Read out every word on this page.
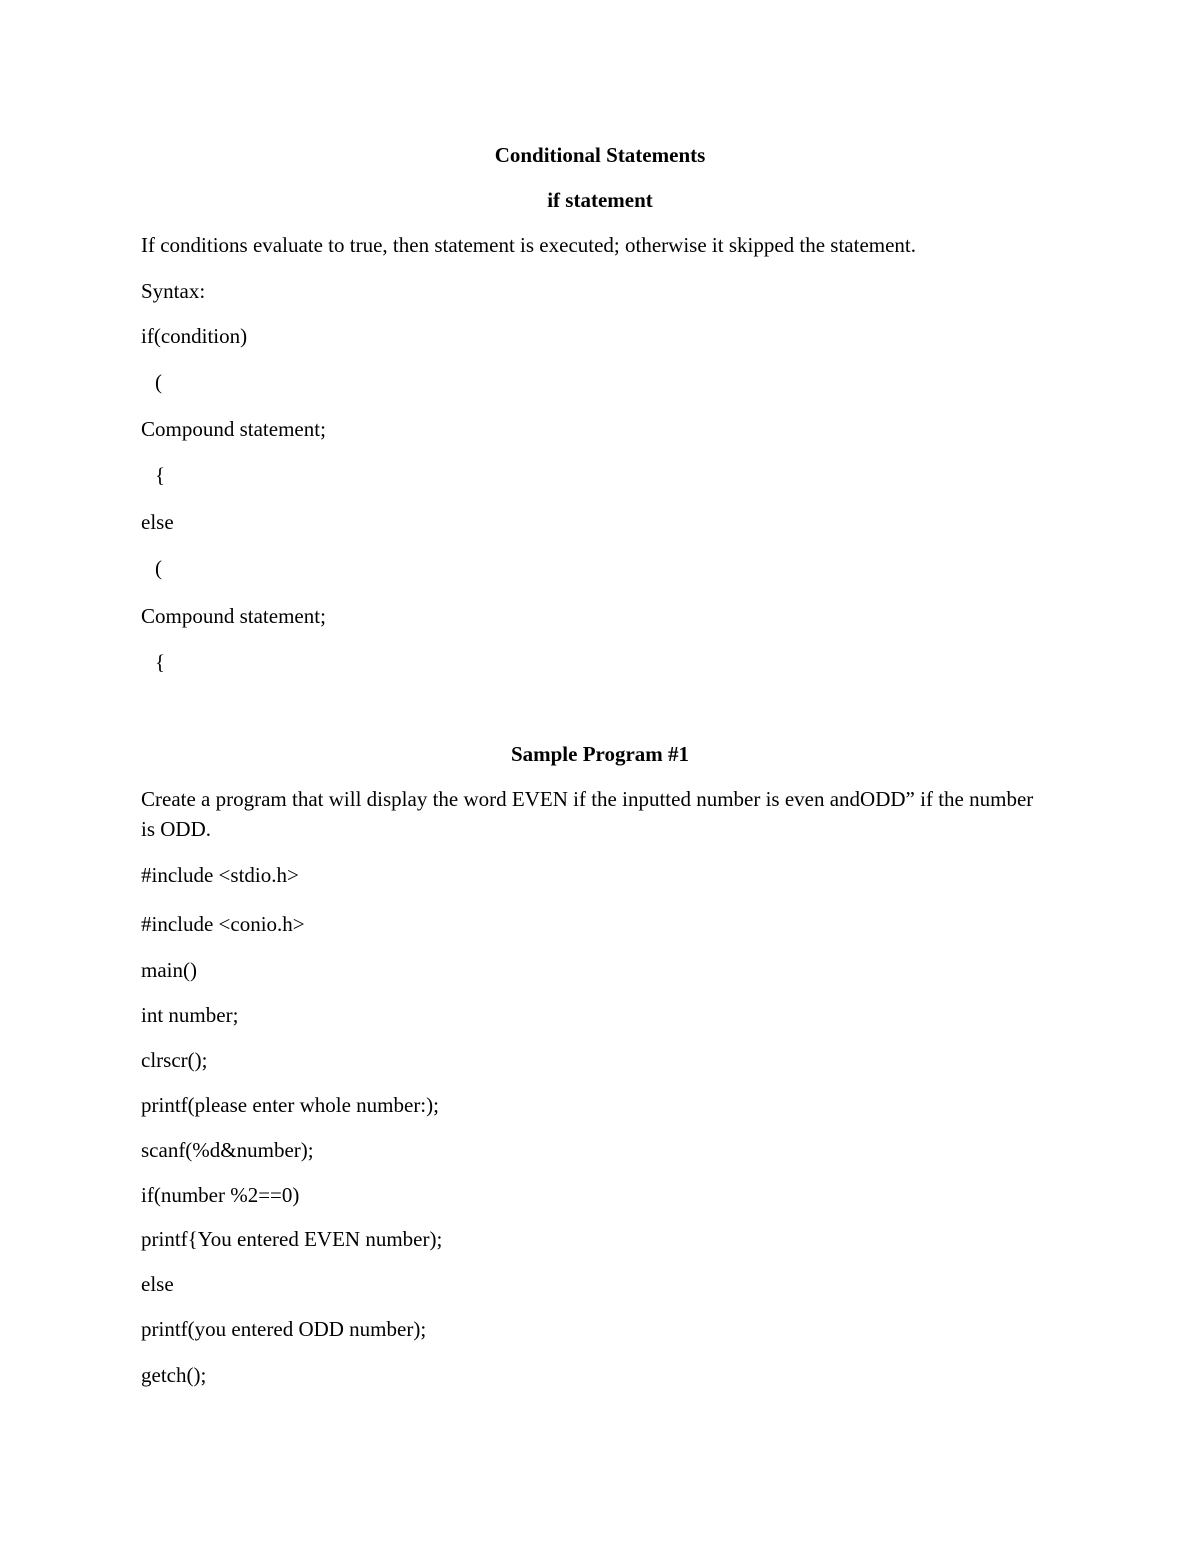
Conditional Statements

if statement

If conditions evaluate to true, then statement is executed; otherwise it skipped the statement.

Syntax:

if(condition)

(

Compound statement;

{

else

(

Compound statement;

{

Sample Program #1

Create a program that will display the word EVEN if the inputted number is even andODD” if the number is ODD.

#include <stdio.h>

#include <conio.h>

main()

int number;

clrscr();

printf(please enter whole number:);

scanf(%d&number);

if(number %2==0)

printf{You entered EVEN number);

else

printf(you entered ODD number);

getch();
